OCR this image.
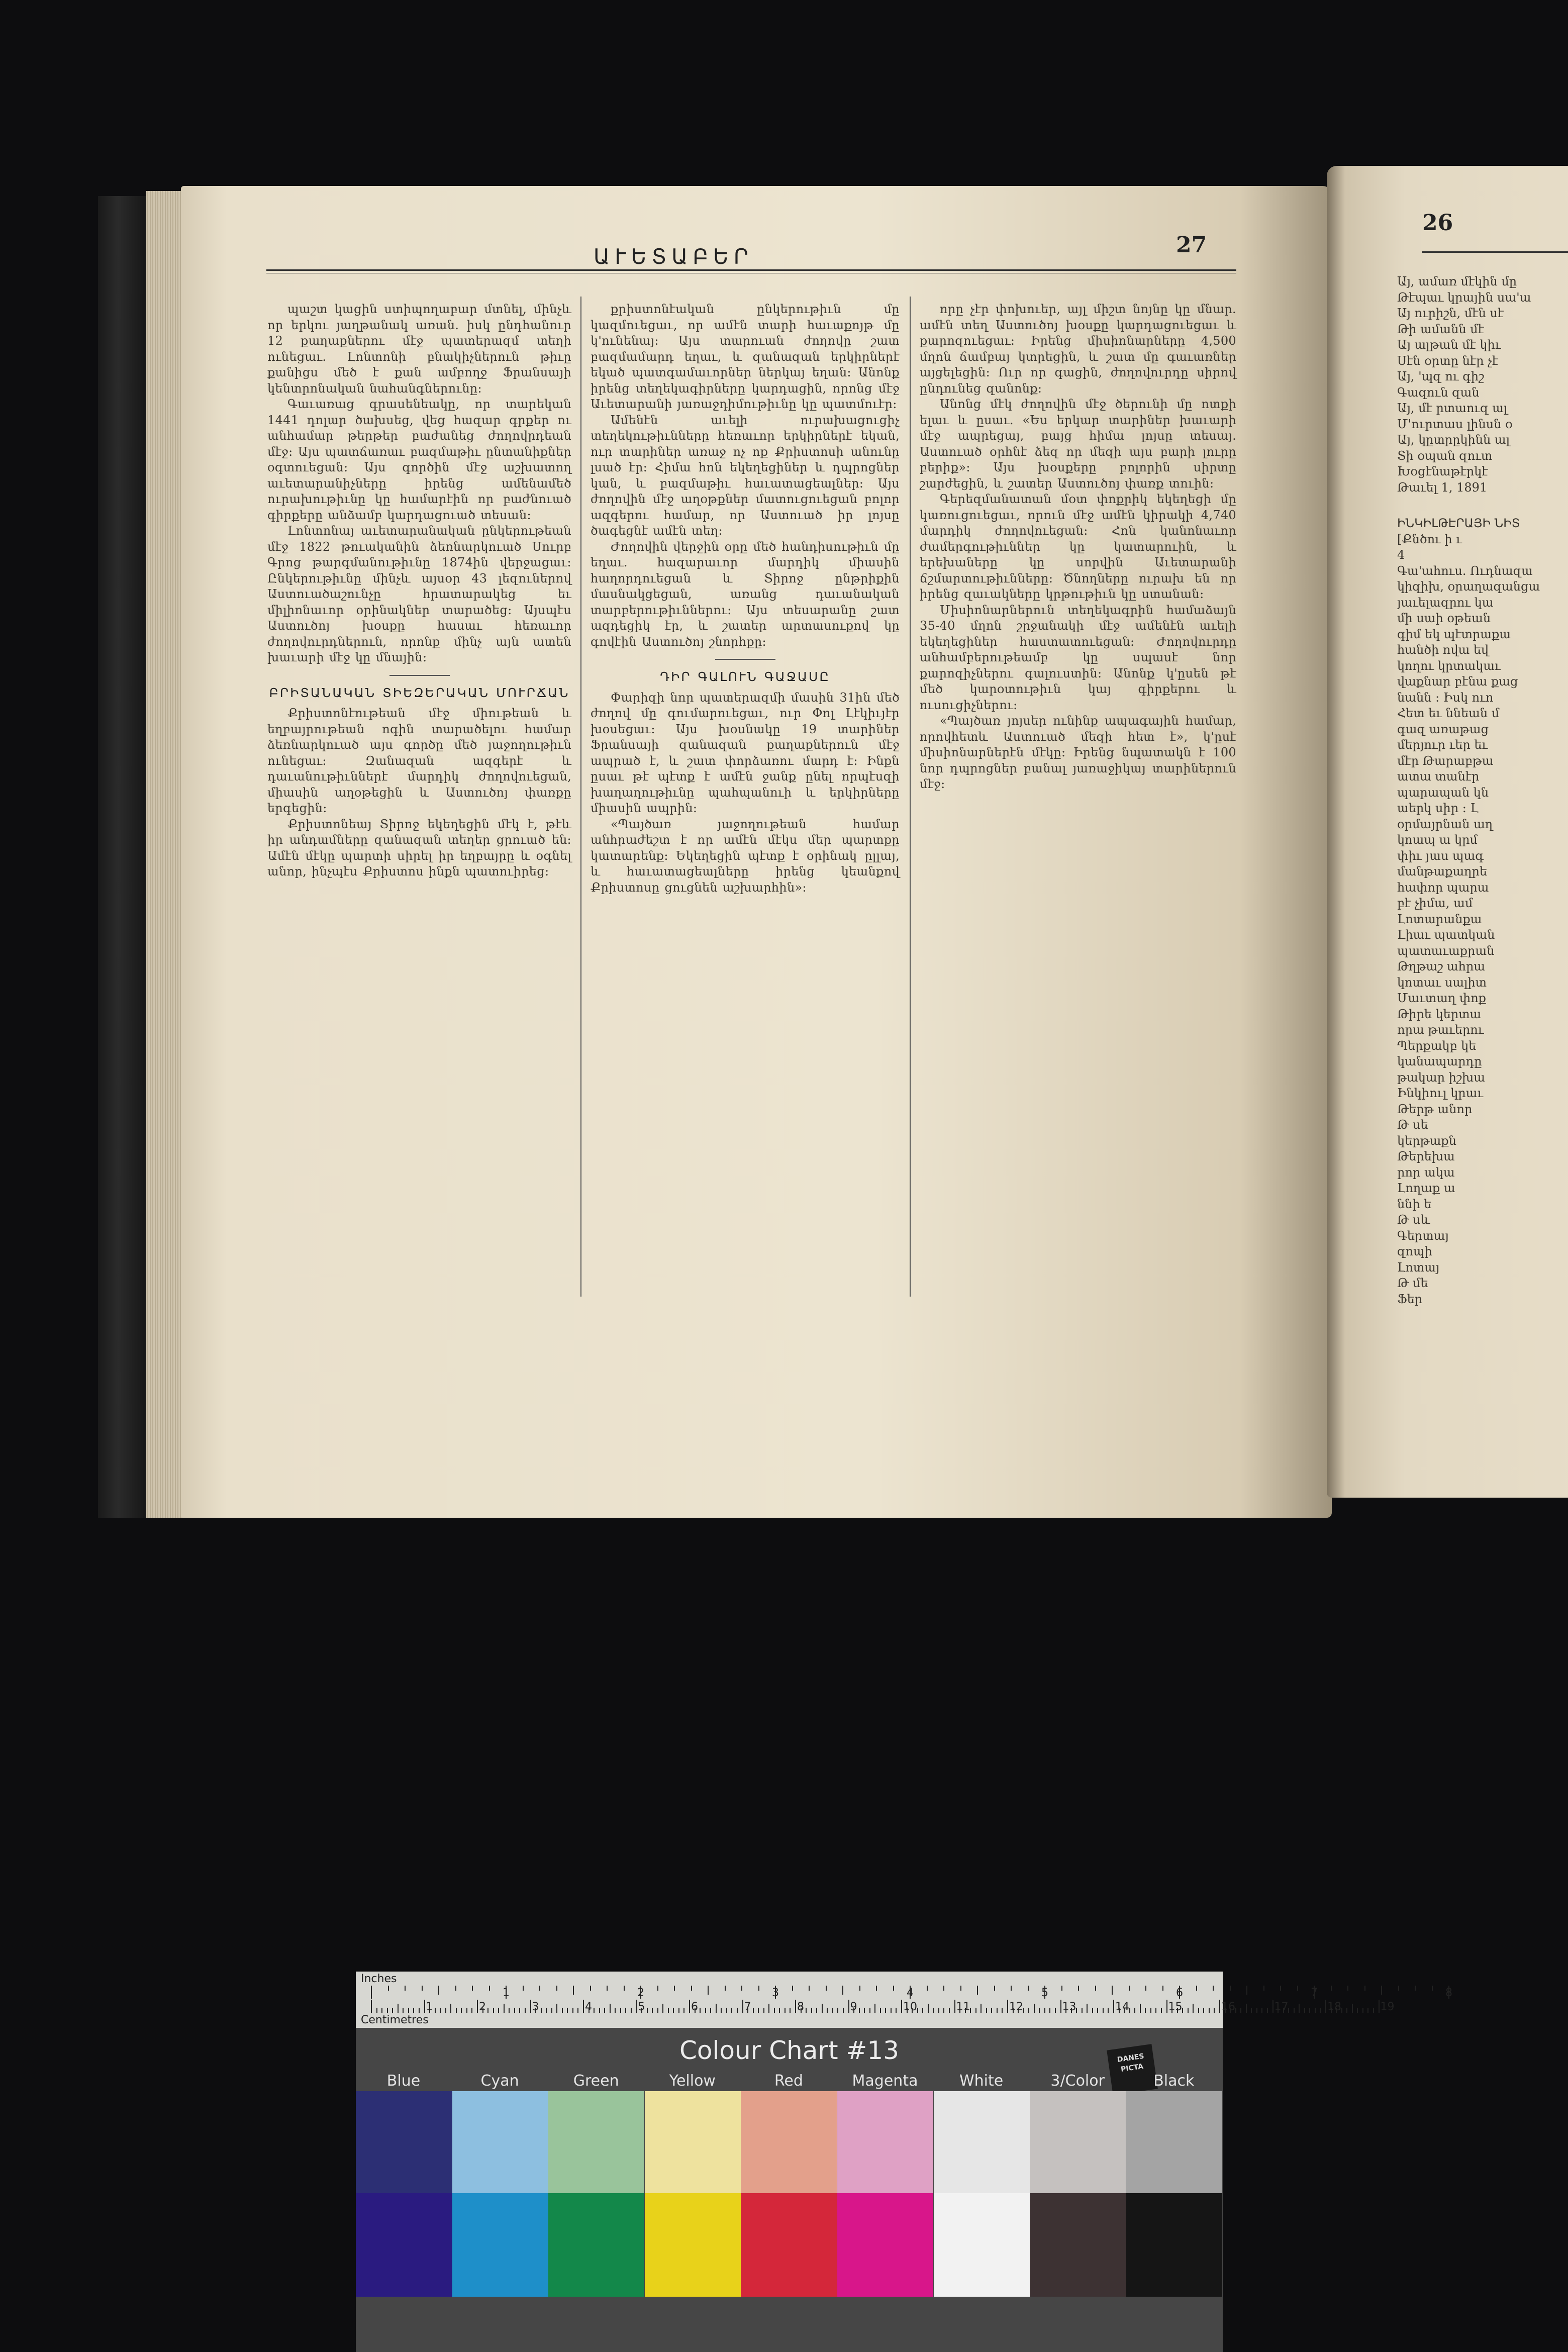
ԱՒԵՏԱԲԵՐ	27

պաշտ կացին ստիպողաբար մտնել, մինչև որ երկու յաղթանակ առան. իսկ ընդհանուր 12 քաղաքներու մէջ պատերազմ տեղի ունեցաւ. Լոնտոնի բնակիչներուն թիւը քանիցս մեծ է քան ամբողջ Ֆրանսայի կենտրոնական նահանգներունը։

Գաւառաց գրասենեակը, որ տարեկան 1441 դոլար ծախսեց, վեց հազար գրքեր ու անհամար թերթեր բաժանեց ժողովրդեան մէջ։ Այս պատճառաւ բազմաթիւ ընտանիքներ օգտուեցան։ Այս գործին մէջ աշխատող աւետարանիչները իրենց ամենամեծ ուրախութիւնը կը համարէին որ բաժնուած գիրքերը անձամբ կարդացուած տեսան։

Լոնտոնայ աւետարանական ընկերութեան մէջ 1822 թուականին ձեռնարկուած Սուրբ Գրոց թարգմանութիւնը 1874ին վերջացաւ։ Ընկերութիւնը մինչև այսօր 43 լեզուներով Աստուածաշունչը հրատարակեց եւ միլիոնաւոր օրինակներ տարածեց։ Այսպէս Աստուծոյ խօսքը հասաւ հեռաւոր ժողովուրդներուն, որոնք մինչ այն ատեն խաւարի մէջ կը մնային։

ԲՐԻՏԱՆԱԿԱՆ ՏԻԵԶԵՐԱԿԱՆ ՄՈՒՐՃԱՆ

Քրիստոնէութեան մէջ միութեան և եղբայրութեան ոգին տարածելու համար ձեռնարկուած այս գործը մեծ յաջողութիւն ունեցաւ։ Զանազան ազգերէ և դաւանութիւններէ մարդիկ ժողովուեցան, միասին աղօթեցին և Աստուծոյ փառքը երգեցին։

Քրիստոնեայ Տիրոջ եկեղեցին մէկ է, թէև իր անդամները զանազան տեղեր ցրուած են։ Ամէն մէկը պարտի սիրել իր եղբայրը և օգնել անոր, ինչպէս Քրիստոս ինքն պատուիրեց։

քրիստոնէական ընկերութիւն մը կազմուեցաւ, որ ամէն տարի հաւաքոյթ մը կ'ունենայ։ Այս տարուան ժողովը շատ բազմամարդ եղաւ, և զանազան երկիրներէ եկած պատգամաւորներ ներկայ եղան։ Անոնք իրենց տեղեկագիրները կարդացին, որոնց մէջ Աւետարանի յառաջդիմութիւնը կը պատմուէր։

Ամենէն աւելի ուրախացուցիչ տեղեկութիւնները հեռաւոր երկիրներէ եկան, ուր տարիներ առաջ ոչ ոք Քրիստոսի անունը լսած էր։ Հիմա հոն եկեղեցիներ և դպրոցներ կան, և բազմաթիւ հաւատացեալներ։ Այս ժողովին մէջ աղօթքներ մատուցուեցան բոլոր ազգերու համար, որ Աստուած իր լոյսը ծագեցնէ ամէն տեղ։

Ժողովին վերջին օրը մեծ հանդիսութիւն մը եղաւ. հազարաւոր մարդիկ միասին հաղորդուեցան և Տիրոջ ընթրիքին մասնակցեցան, առանց դաւանական տարբերութիւններու։ Այս տեսարանը շատ ազդեցիկ էր, և շատեր արտասուքով կը գովէին Աստուծոյ շնորհքը։

ԴԻՐ ԳԱԼՈՒՆ ԳԱՋԱՍԸ

Փարիզի նոր պատերազմի մասին 31ին մեծ ժողով մը գումարուեցաւ, ուր Փոլ Լէկիւյէր խօսեցաւ։ Այս խօսնակը 19 տարիներ Ֆրանսայի զանազան քաղաքներուն մէջ ապրած է, և շատ փորձառու մարդ է։ Ինքն ըսաւ թէ պէտք է ամէն ջանք ընել որպէսզի խաղաղութիւնը պահպանուի և երկիրները միասին ապրին։

«Պայծառ յաջողութեան համար անհրաժեշտ է որ ամէն մէկս մեր պարտքը կատարենք։ Եկեղեցին պէտք է օրինակ ըլլայ, և հաւատացեալները իրենց կեանքով Քրիստոսը ցուցնեն աշխարհին»։

որը չէր փոխուեր, այլ միշտ նոյնը կը մնար. ամէն տեղ Աստուծոյ խօսքը կարդացուեցաւ և քարոզուեցաւ։ Իրենց միսիոնարները 4,500 մղոն ճամբայ կտրեցին, և շատ մը գաւառներ այցելեցին։ Ուր որ գացին, ժողովուրդը սիրով ընդունեց զանոնք։

Անոնց մէկ ժողովին մէջ ծերունի մը ոտքի ելաւ և ըսաւ. «Ես երկար տարիներ խաւարի մէջ ապրեցայ, բայց հիմա լոյսը տեսայ. Աստուած օրհնէ ձեզ որ մեզի այս բարի լուրը բերիք»։ Այս խօսքերը բոլորին սիրտը շարժեցին, և շատեր Աստուծոյ փառք տուին։

Գերեզմանատան մօտ փոքրիկ եկեղեցի մը կառուցուեցաւ, որուն մէջ ամէն կիրակի 4,740 մարդիկ ժողովուեցան։ Հոն կանոնաւոր ժամերգութիւններ կը կատարուին, և երեխաները կը սորվին Աւետարանի ճշմարտութիւնները։ Ծնողները ուրախ են որ իրենց զաւակները կրթութիւն կը ստանան։

Միսիոնարներուն տեղեկագրին համաձայն 35-40 մղոն շրջանակի մէջ ամենէն աւելի եկեղեցիներ հաստատուեցան։ Ժողովուրդը անհամբերութեամբ կը սպասէ նոր քարոզիչներու գալուստին։ Անոնք կ'ըսեն թէ մեծ կարօտութիւն կայ գիրքերու և ուսուցիչներու։

«Պայծառ յոյսեր ունինք ապագային համար, որովհետև Աստուած մեզի հետ է», կ'ըսէ միսիոնարներէն մէկը։ Իրենց նպատակն է 100 նոր դպրոցներ բանալ յառաջիկայ տարիներուն մէջ։

26
Այ, ամառ մէկին մը
Թէպաւ կրային սա'ա
Այ ուրիշն, մէն սէ
Թի ամանն մէ
Այ ալթան մէ կիւ
Սէն օրտը նէր չէ
Այ, 'պզ ու գիշ
Գազուն զան
Այ, մէ րտաուզ ալ
Մ'ուրտաս լինսն օ
Այ, կըտրըկինն ալ
Տի օպան զուտ
Խօցէնաթէրկէ
Թաւել 1, 1891
ԻՆԿԻԼԹԷՐԱՅԻ ՆԻՏ
[Քնծու ի ւ
4
Գա'ահուս. Ուդնազա
կիզիխ, օրաղազանցա
յաւելազրու կա
մի սաի օթեան
գիմ եկ պէտրաքա
հանծի ովա եվ
կողու կրտակաւ
վաքնար բէնա քաց
նանն ։ Իսկ ուո
Հետ եւ ննեան մ
գազ առաթաց
մերյուր ւեր եւ
մէր Թարաբթա
ատա տանէր
պարապան կն
աերկ սիր ։ Լ
օրմայրնան աղ
կոապ ա կրմ
փիւ յաս պագ
մանթաքաղրե
հափոր պարա
բէ չիմա, ամ
Լոտարանքա
Լիաւ պատկան
պատաւաքրան
Թղթաշ ահրա
կոտաւ սալիտ
Մաւտաղ փոք
Թիրե կերտա
որա թաւերու
Պերքակբ կե
կանապարդը
թակար իշխա
Ինկիուլ կրաւ
Թերթ անոր
Թ սե
կերթաքն
Թերեխա
րոր ակա
Լողաք ա
ննի ե
Թ սև
Գերտայ
զոպի
Լոտայ
Թ մե
Ֆեր
Inches
Centimetres
1	2	3	4	5	6	7	8
1	2	3	4	5	6	7	8	9	10	11	12	13	14	15	16	17	18	19
Colour Chart #13	DANES PICTA
Blue	Cyan	Green	Yellow	Red	Magenta	White	3/Color	Black
